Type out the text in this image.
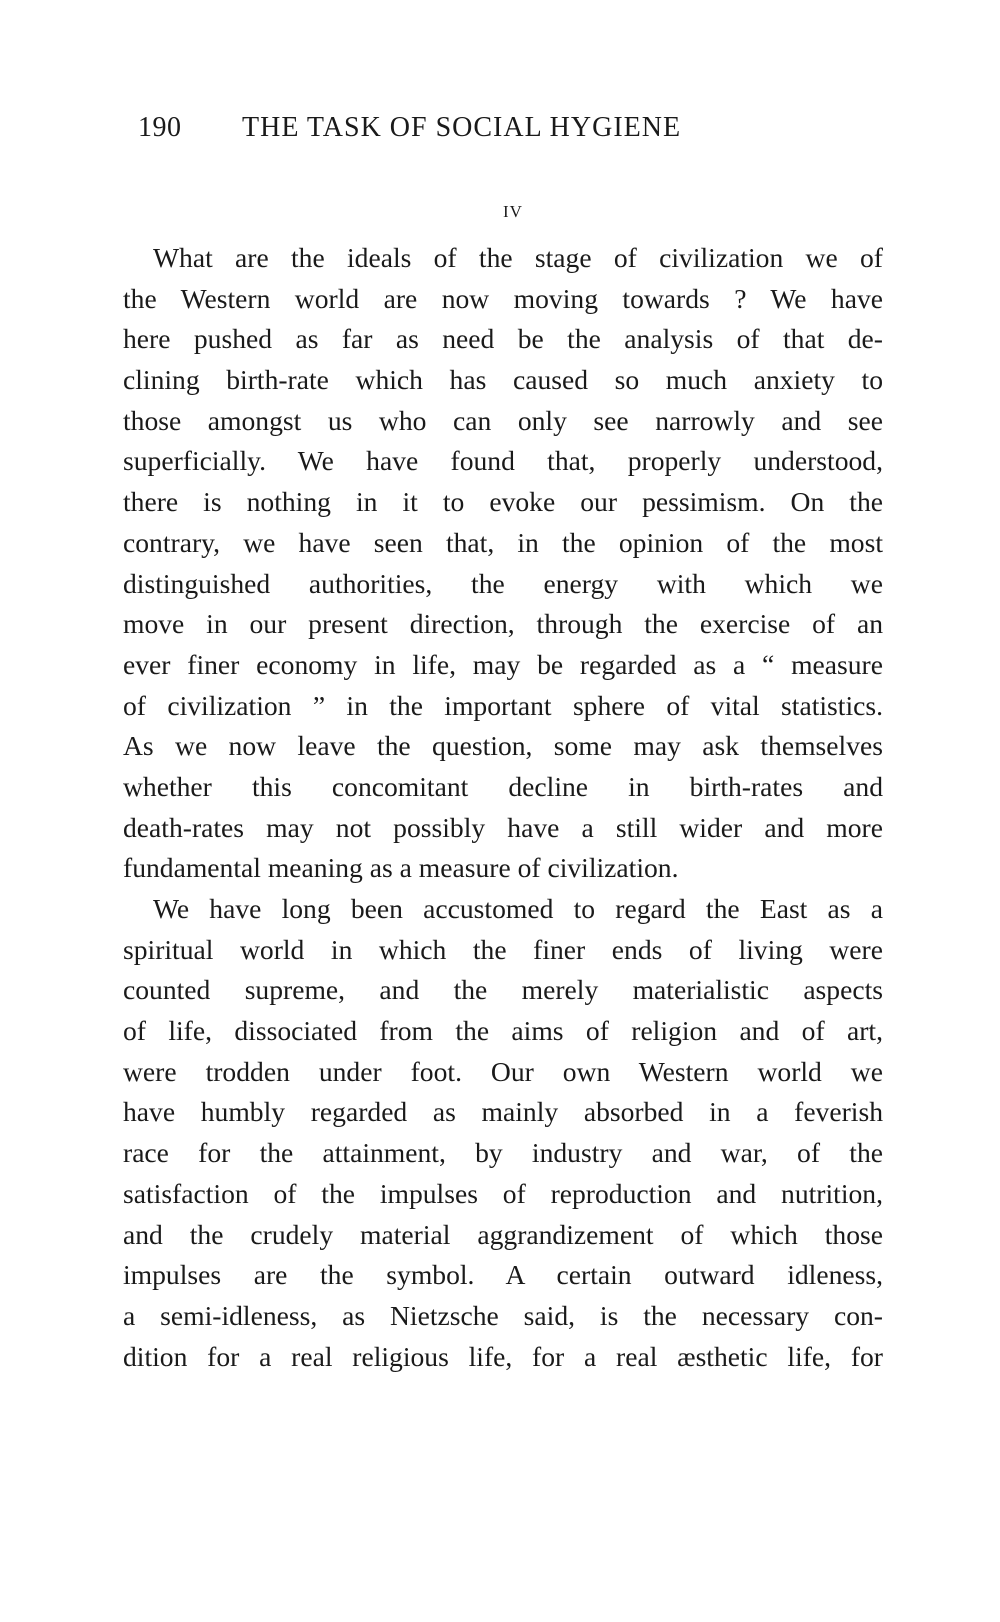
190 THE TASK OF SOCIAL HYGIENE
IV
What are the ideals of the stage of civilization we of
the Western world are now moving towards ? We have
here pushed as far as need be the analysis of that de-
clining birth-rate which has caused so much anxiety to
those amongst us who can only see narrowly and see
superficially. We have found that, properly understood,
there is nothing in it to evoke our pessimism. On the
contrary, we have seen that, in the opinion of the most
distinguished authorities, the energy with which we
move in our present direction, through the exercise of an
ever finer economy in life, may be regarded as a “ measure
of civilization ” in the important sphere of vital statistics.
As we now leave the question, some may ask themselves
whether this concomitant decline in birth-rates and
death-rates may not possibly have a still wider and more
fundamental meaning as a measure of civilization.
We have long been accustomed to regard the East as a
spiritual world in which the finer ends of living were
counted supreme, and the merely materialistic aspects
of life, dissociated from the aims of religion and of art,
were trodden under foot. Our own Western world we
have humbly regarded as mainly absorbed in a feverish
race for the attainment, by industry and war, of the
satisfaction of the impulses of reproduction and nutrition,
and the crudely material aggrandizement of which those
impulses are the symbol. A certain outward idleness,
a semi-idleness, as Nietzsche said, is the necessary con-
dition for a real religious life, for a real æsthetic life, for
